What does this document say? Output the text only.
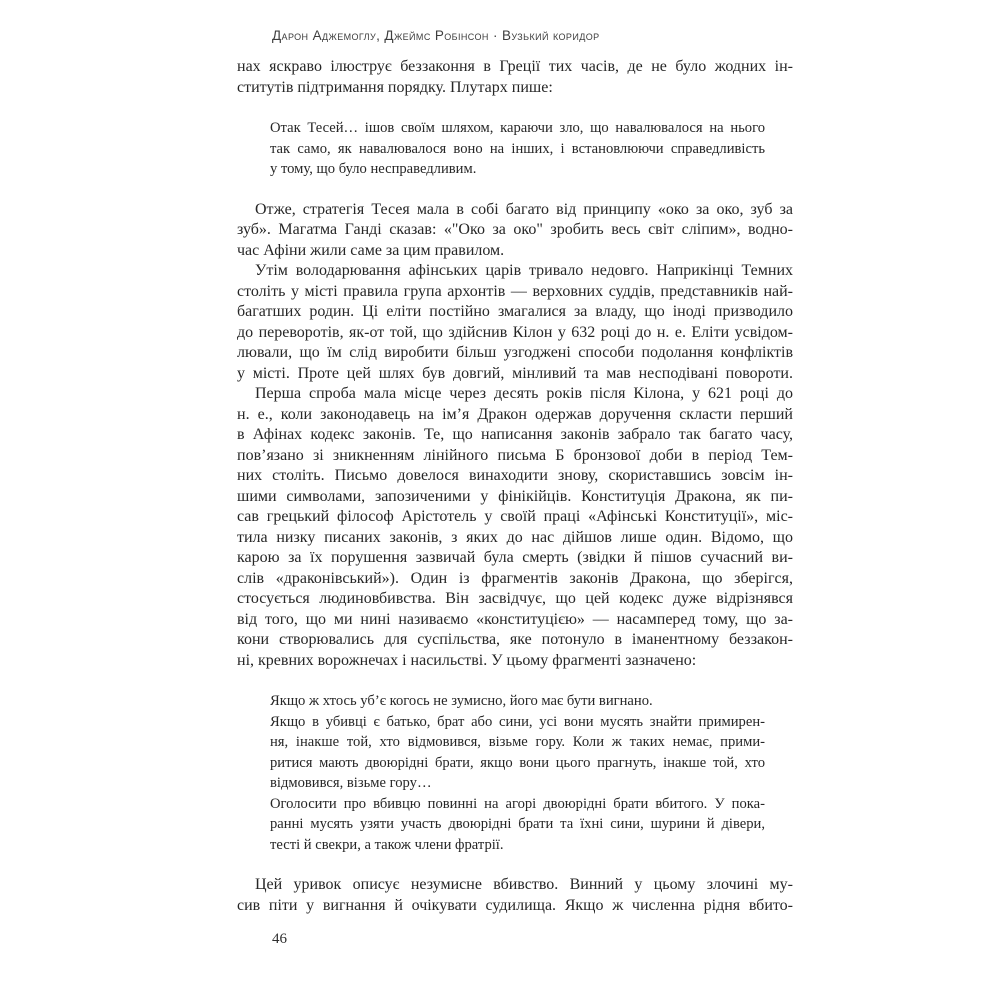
Дарон Аджемоглу, Джеймс Робінсон · Вузький коридор
нах яскраво ілюструє беззаконня в Греції тих часів, де не було жодних ін-
ститутів підтримання порядку. Плутарх пише:
Отак Тесей… ішов своїм шляхом, караючи зло, що навалювалося на нього
так само, як навалювалося воно на інших, і встановлюючи справедливість
у тому, що було несправедливим.
Отже, стратегія Тесея мала в собі багато від принципу «око за око, зуб за
зуб». Магатма Ганді сказав: «"Око за око" зробить весь світ сліпим», водно-
час Афіни жили саме за цим правилом.
Утім володарювання афінських царів тривало недовго. Наприкінці Темних
століть у місті правила група архонтів — верховних суддів, представників най-
багатших родин. Ці еліти постійно змагалися за владу, що іноді призводило
до переворотів, як-от той, що здійснив Кілон у 632 році до н. е. Еліти усвідом-
лювали, що їм слід виробити більш узгоджені способи подолання конфліктів
у місті. Проте цей шлях був довгий, мінливий та мав несподівані повороти.
Перша спроба мала місце через десять років після Кілона, у 621 році до
н. е., коли законодавець на ім’я Дракон одержав доручення скласти перший
в Афінах кодекс законів. Те, що написання законів забрало так багато часу,
пов’язано зі зникненням лінійного письма Б бронзової доби в період Тем-
них століть. Письмо довелося винаходити знову, скориставшись зовсім ін-
шими символами, запозиченими у фінікійців. Конституція Дракона, як пи-
сав грецький філософ Арістотель у своїй праці «Афінські Конституції», міс-
тила низку писаних законів, з яких до нас дійшов лише один. Відомо, що
карою за їх порушення зазвичай була смерть (звідки й пішов сучасний ви-
слів «драконівський»). Один із фрагментів законів Дракона, що зберігся,
стосується людиновбивства. Він засвідчує, що цей кодекс дуже відрізнявся
від того, що ми нині називаємо «конституцією» — насамперед тому, що за-
кони створювались для суспільства, яке потонуло в іманентному беззакон-
ні, кревних ворожнечах і насильстві. У цьому фрагменті зазначено:
Якщо ж хтось уб’є когось не зумисно, його має бути вигнано.
Якщо в убивці є батько, брат або сини, усі вони мусять знайти примирен-
ня, інакше той, хто відмовився, візьме гору. Коли ж таких немає, прими-
ритися мають двоюрідні брати, якщо вони цього прагнуть, інакше той, хто
відмовився, візьме гору…
Оголосити про вбивцю повинні на агорі двоюрідні брати вбитого. У пока-
ранні мусять узяти участь двоюрідні брати та їхні сини, шурини й дівери,
тесті й свекри, а також члени фратрії.
Цей уривок описує незумисне вбивство. Винний у цьому злочині му-
сив піти у вигнання й очікувати судилища. Якщо ж численна рідня вбито-
46
